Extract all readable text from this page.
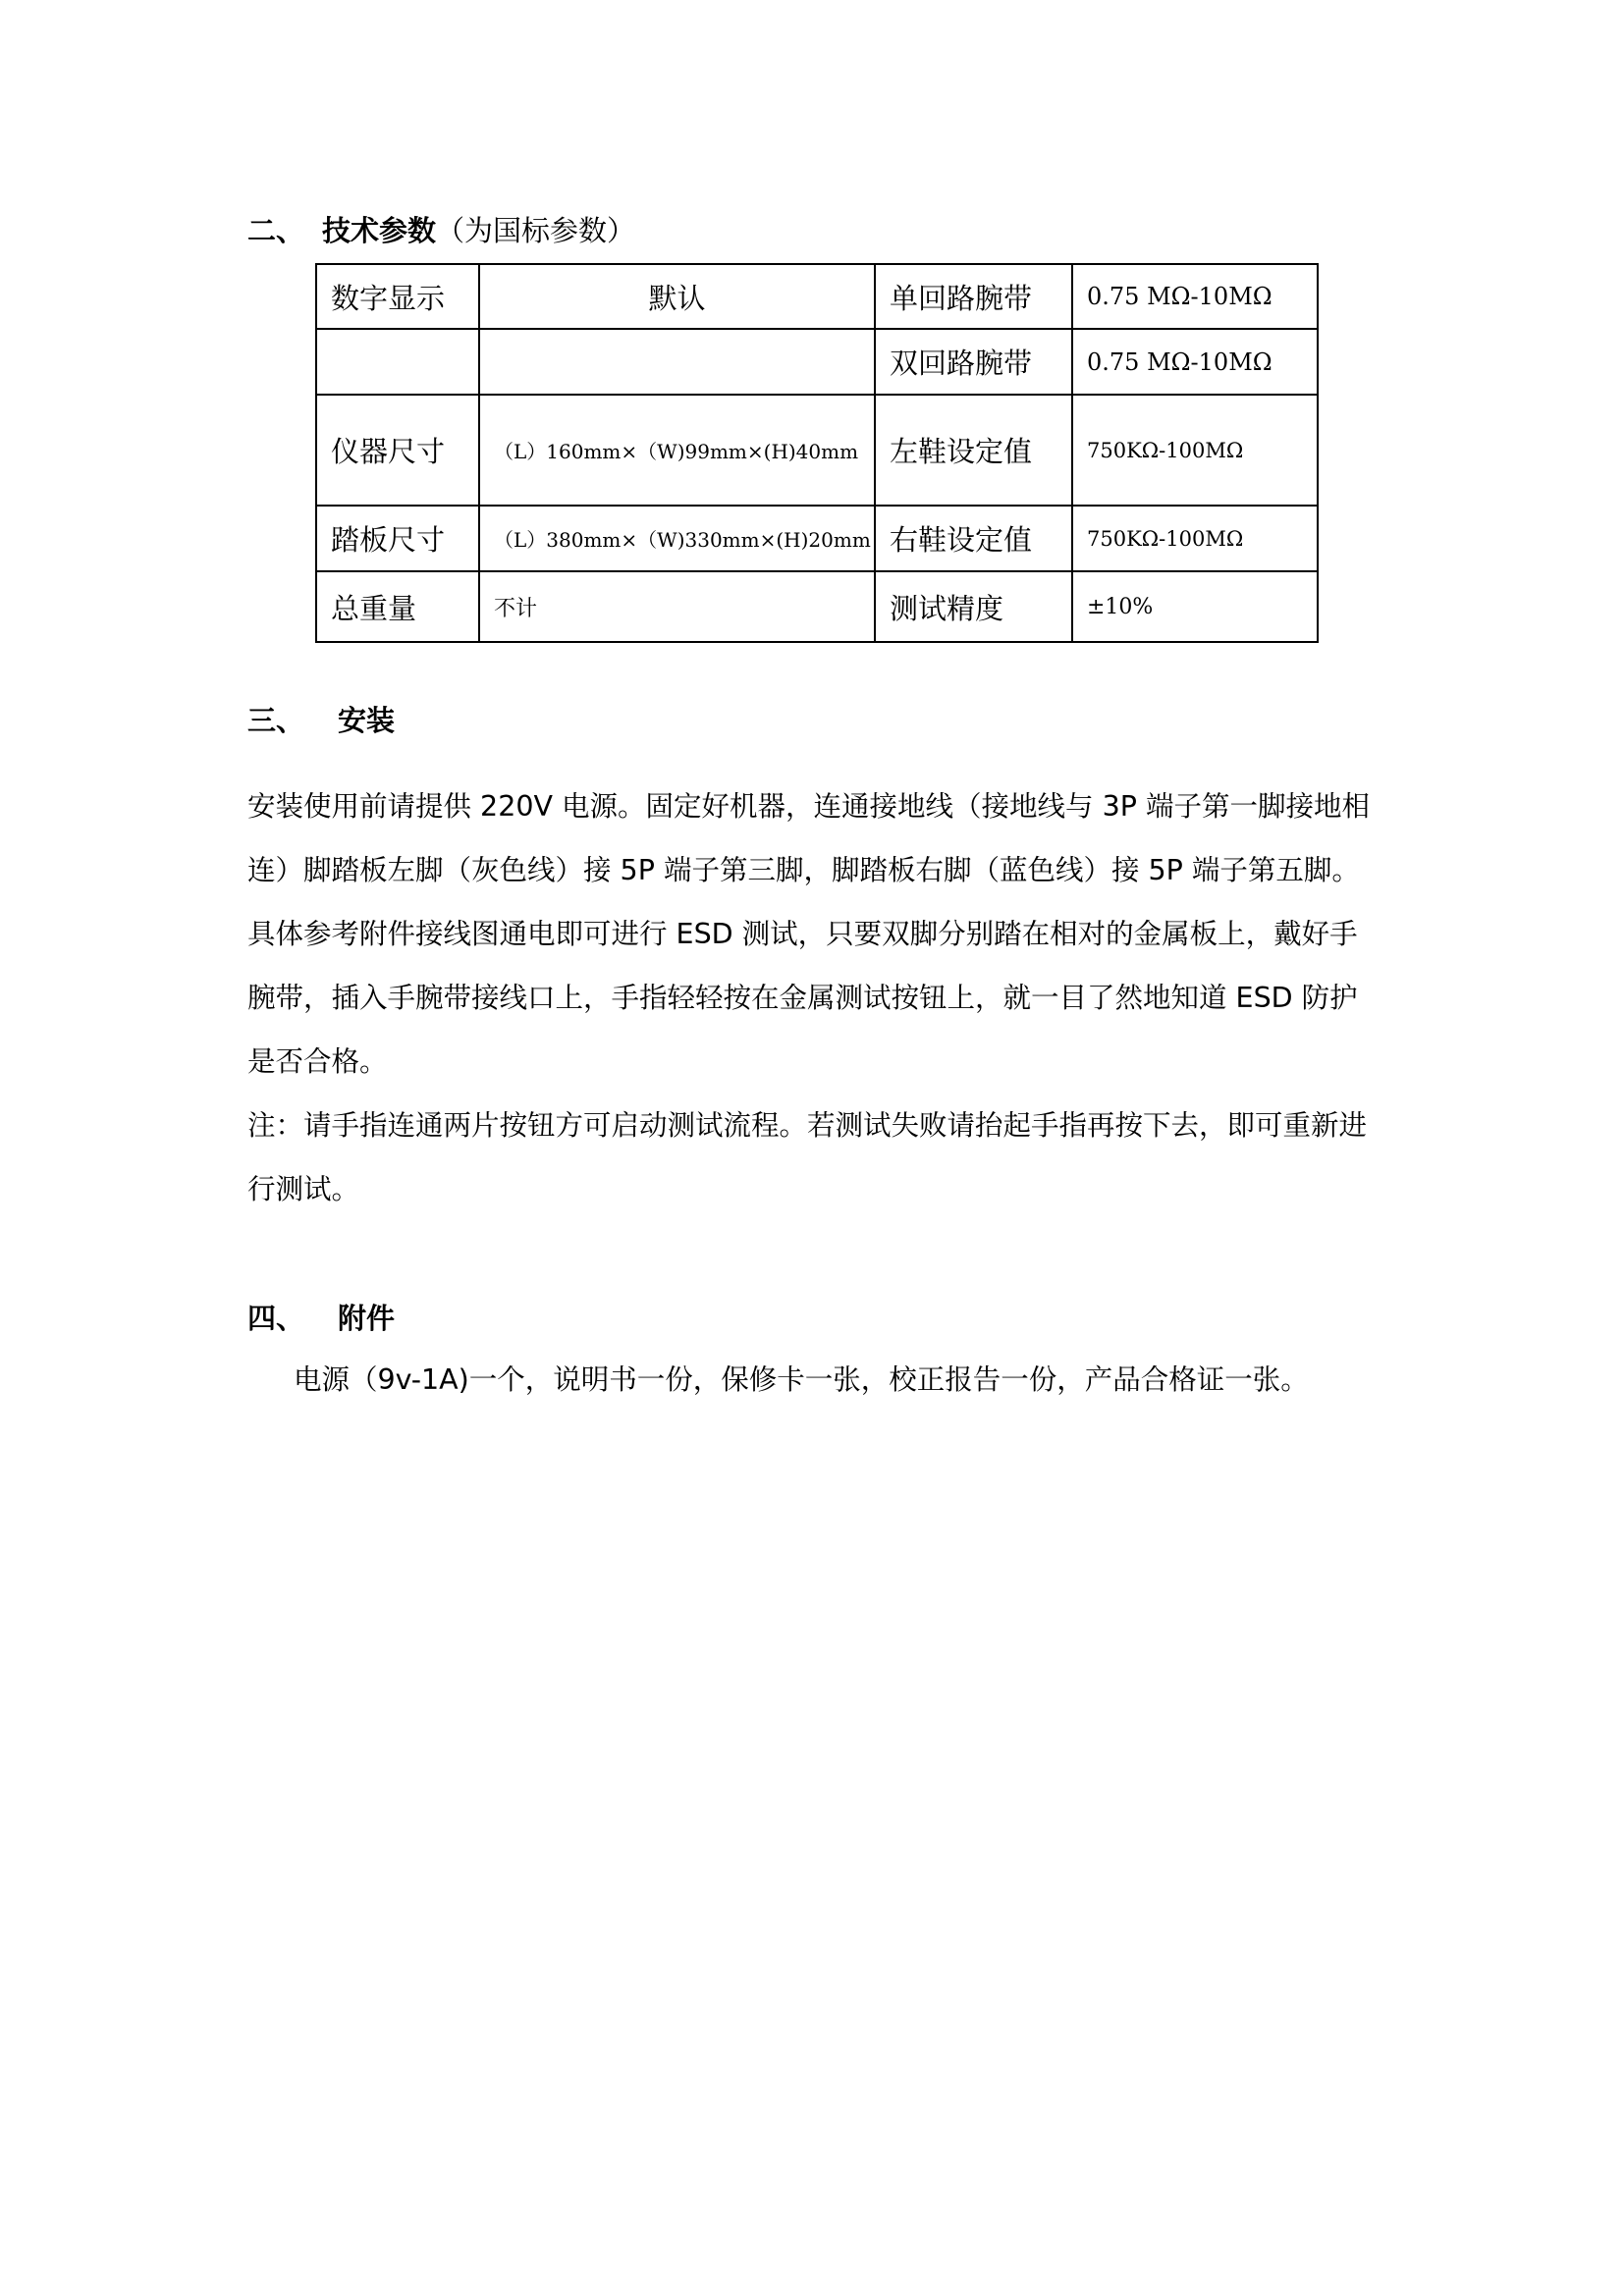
二、 技术参数（为国标参数）
数字显示	默认	单回路腕带	0.75 MΩ-10MΩ
		双回路腕带	0.75 MΩ-10MΩ
仪器尺寸	（L）160mm×（W)99mm×(H)40mm	左鞋设定值	750KΩ-100MΩ
踏板尺寸	（L）380mm×（W)330mm×(H)20mm	右鞋设定值	750KΩ-100MΩ
总重量	不计	测试精度	±10%
三、 安装
安装使用前请提供 220V 电源。固定好机器，连通接地线（接地线与 3P 端子第一脚接地相
连）脚踏板左脚（灰色线）接 5P 端子第三脚，脚踏板右脚（蓝色线）接 5P 端子第五脚。
具体参考附件接线图通电即可进行 ESD 测试，只要双脚分别踏在相对的金属板上，戴好手
腕带，插入手腕带接线口上，手指轻轻按在金属测试按钮上，就一目了然地知道 ESD 防护
是否合格。
注：请手指连通两片按钮方可启动测试流程。若测试失败请抬起手指再按下去，即可重新进
行测试。
四、 附件
电源（9v-1A)一个，说明书一份，保修卡一张，校正报告一份，产品合格证一张。
